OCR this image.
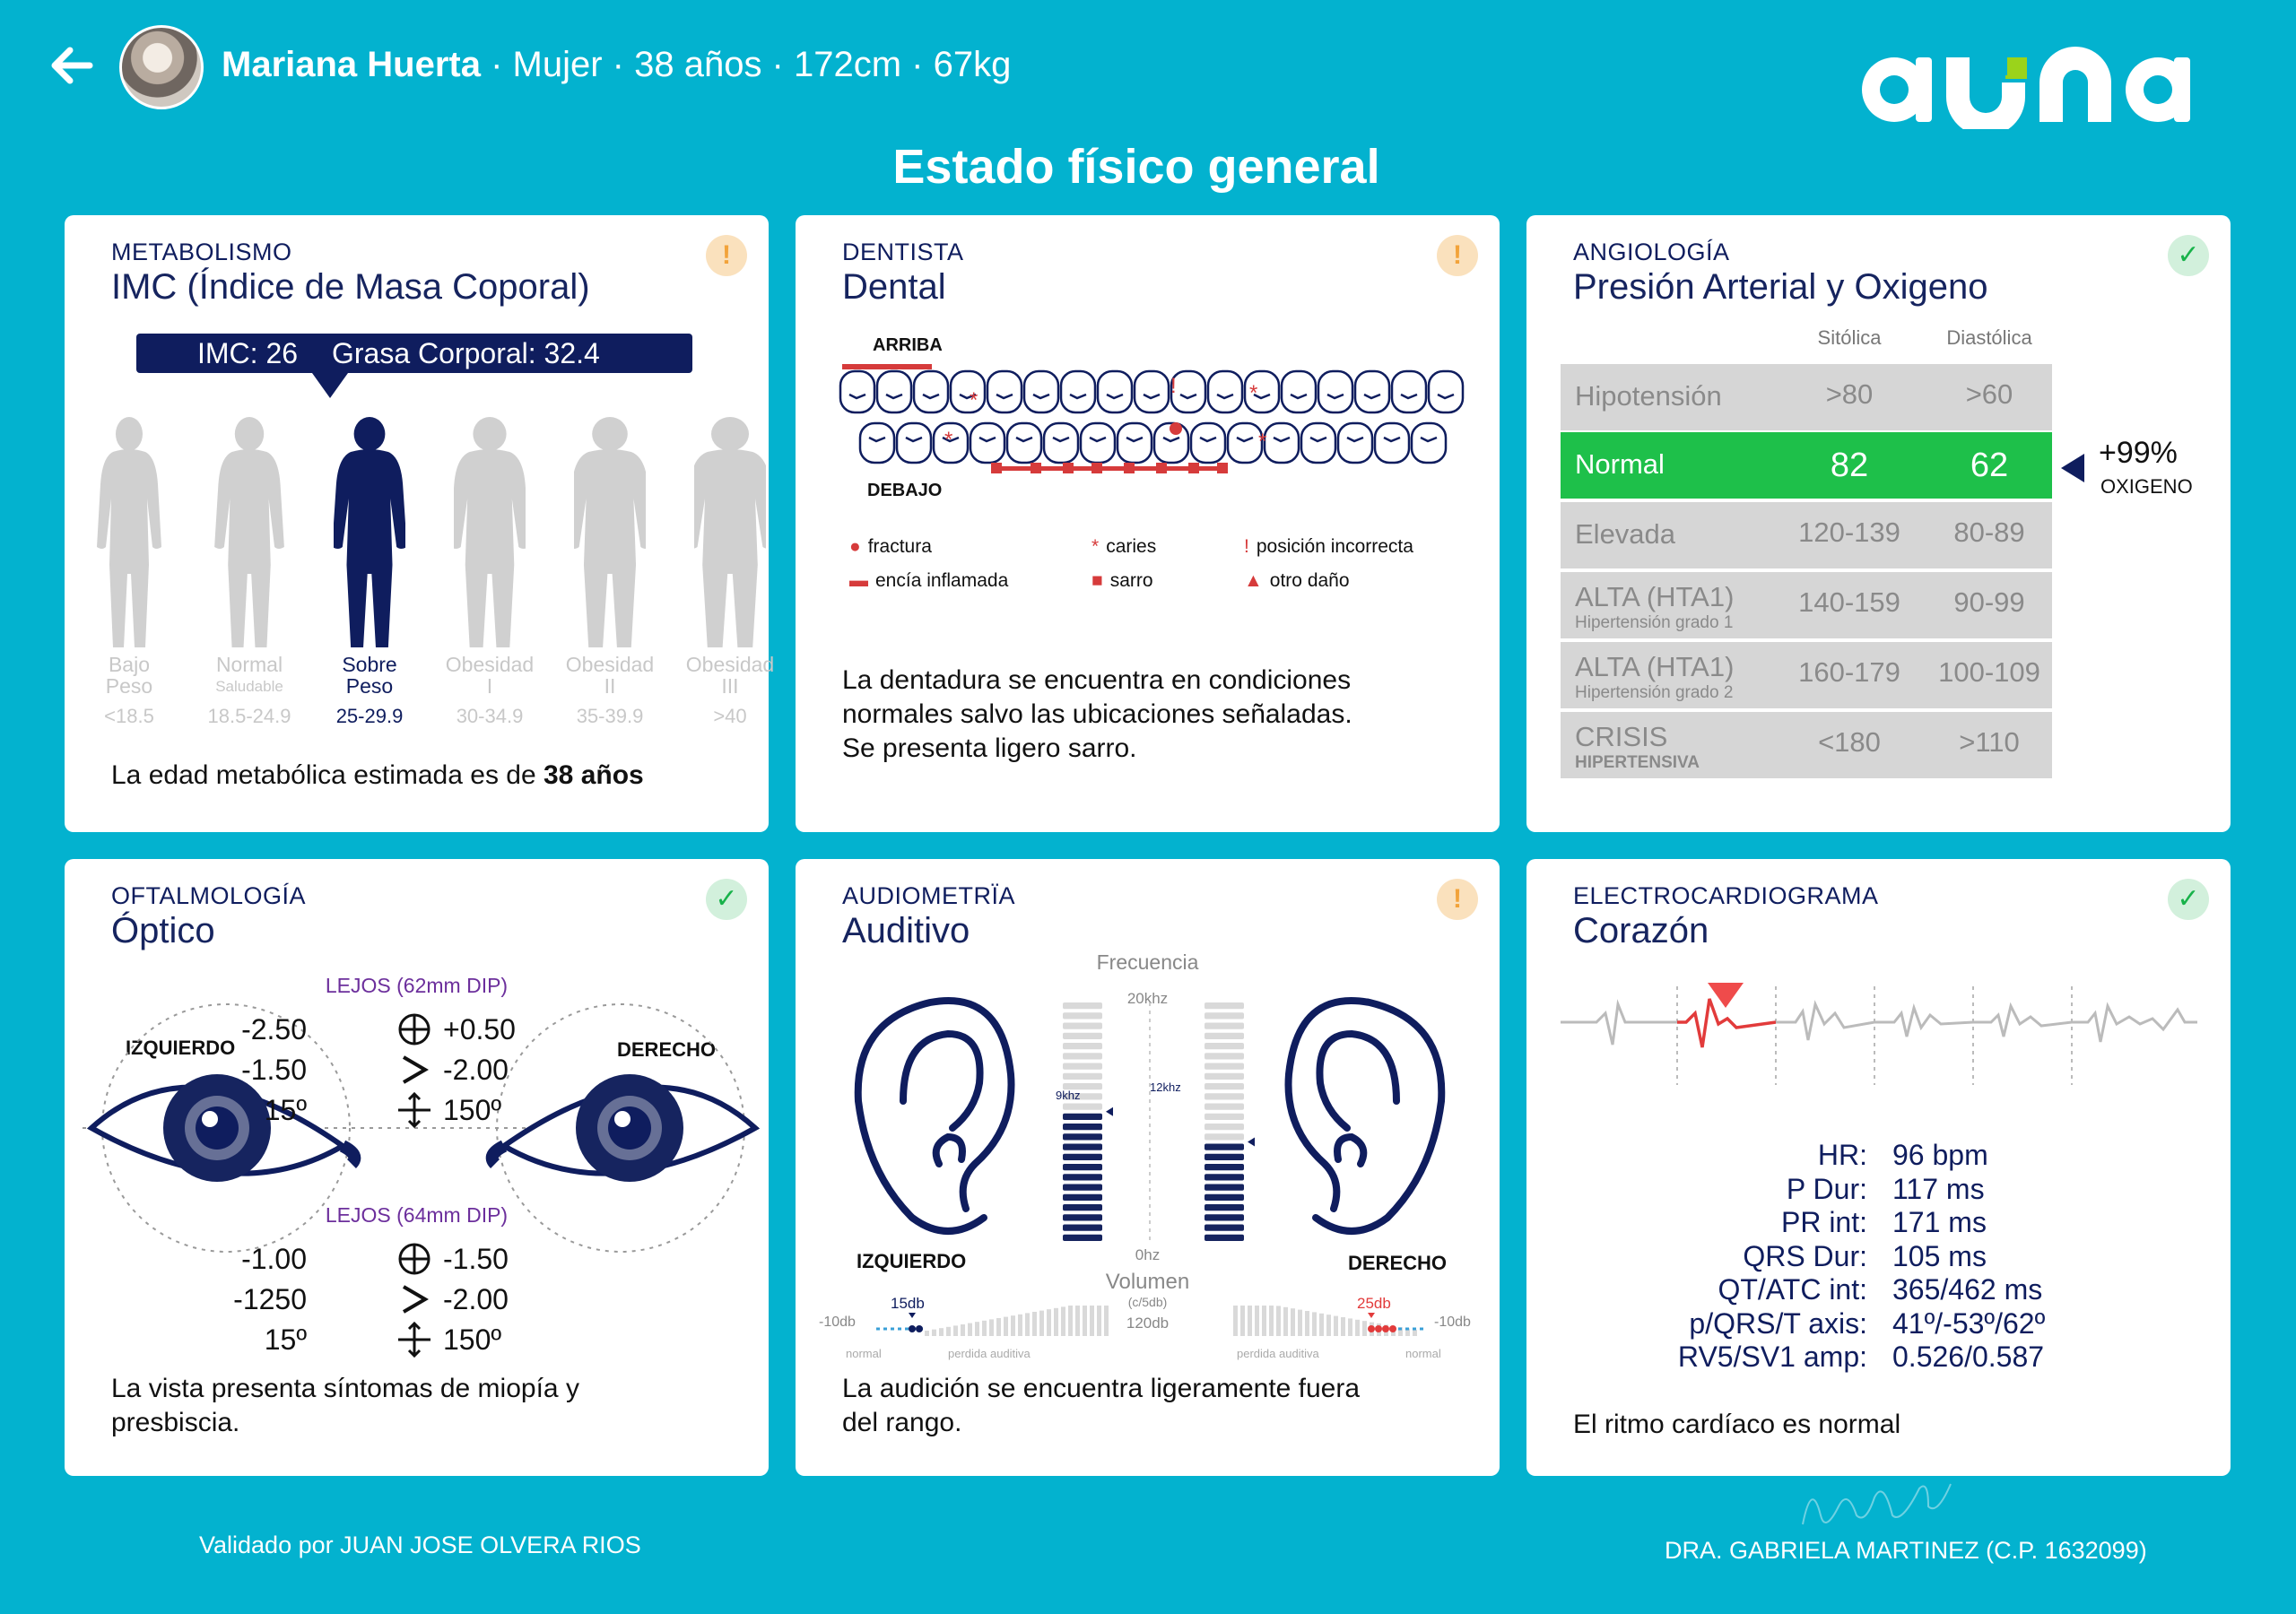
Mariana Huerta · Mujer · 38 años · 172cm · 67kg
Estado físico general
METABOLISMO
IMC (Índice de Masa Coporal)
!
IMC: 26 Grasa Corporal: 32.4
Bajo
Peso
<18.5
Normal
Saludable
18.5-24.9
Sobre
Peso
25-29.9
Obesidad
I
30-34.9
Obesidad
II
35-39.9
Obesidad
III
>40
La edad metabólica estimada es de 38 años
DENTISTA
Dental
!
ARRIBA
DEBAJO
*	*
!
*	*
● fractura	* caries	! posición incorrecta
▬ encía inflamada	■ sarro	▲ otro daño
La dentadura se encuentra en condiciones
normales salvo las ubicaciones señaladas.
Se presenta ligero sarro.
ANGIOLOGÍA
Presión Arterial y Oxigeno
✓
Sitólica	Diastólica
Hipotensión	>80	>60
Normal	82	62
Elevada	120-139	80-89
ALTA (HTA1)
Hipertensión grado 1
140-159	90-99
ALTA (HTA1)
Hipertensión grado 2
160-179 100-109
CRISIS
HIPERTENSIVA
<180	>110
+99%
OXIGENO
OFTALMOLOGÍA
Óptico
✓
IZQUIERDO	DERECHO
LEJOS (62mm DIP)
LEJOS (64mm DIP)
-2.50	+0.50
-1.50	-2.00
15º	150º
-1.00	-1.50
-1250	-2.00
15º	150º
La vista presenta síntomas de miopía y
presbiscia.
AUDIOMETRÏA
Auditivo
!
Frecuencia
20khz
0hz
9khz
12khz
IZQUIERDO	DERECHO
Volumen
(c/5db)
120db
-10db	-10db
15db	25db
normal	perdida auditiva	perdida auditiva	normal
La audición se encuentra ligeramente fuera
del rango.
ELECTROCARDIOGRAMA
Corazón
✓
HR: 96 bpm
P Dur: 117 ms
PR int: 171 ms
QRS Dur: 105 ms
QT/ATC int: 365/462 ms
p/QRS/T axis: 41º/-53º/62º
RV5/SV1 amp: 0.526/0.587
El ritmo cardíaco es normal
Validado por JUAN JOSE OLVERA RIOS	DRA. GABRIELA MARTINEZ (C.P. 1632099)
